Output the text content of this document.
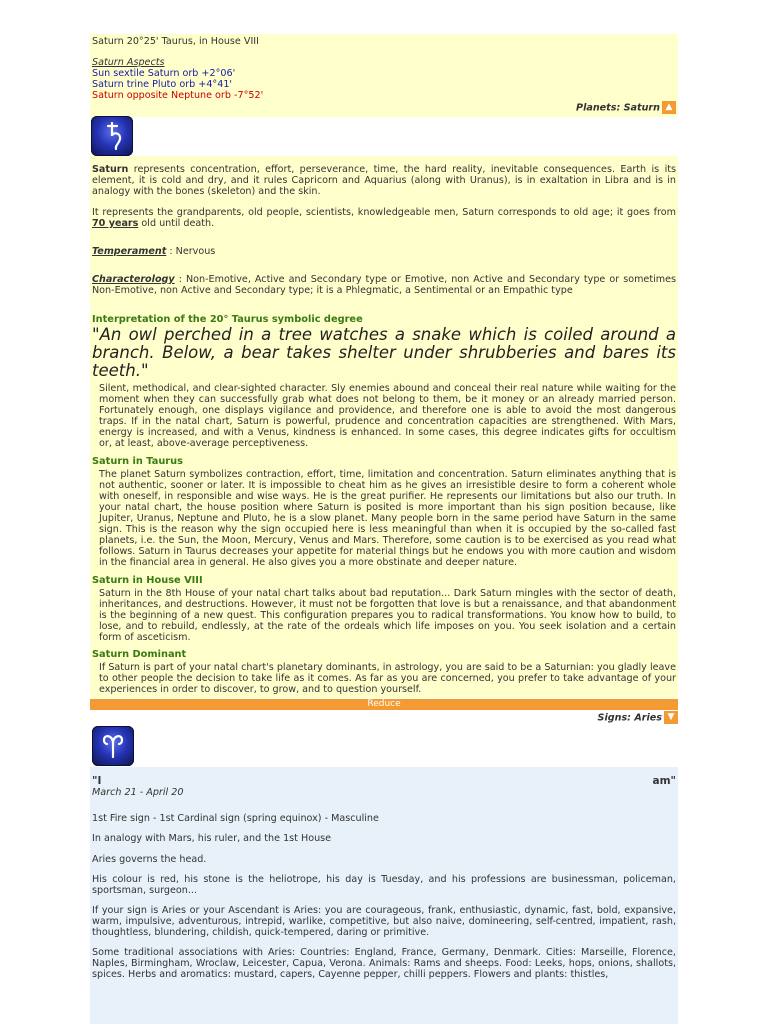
Saturn 20°25' Taurus, in House VIII

Saturn Aspects

Sun sextile Saturn orb +2°06'

Saturn trine Pluto orb +4°41'

Saturn opposite Neptune orb -7°52'

Planets: Saturn ▲

Saturn represents concentration, effort, perseverance, time, the hard reality, inevitable consequences. Earth is its element, it is cold and dry, and it rules Capricorn and Aquarius (along with Uranus), is in exaltation in Libra and is in analogy with the bones (skeleton) and the skin.

It represents the grandparents, old people, scientists, knowledgeable men, Saturn corresponds to old age; it goes from 70 years old until death.

Temperament : Nervous

Characterology : Non-Emotive, Active and Secondary type or Emotive, non Active and Secondary type or sometimes Non-Emotive, non Active and Secondary type; it is a Phlegmatic, a Sentimental or an Empathic type

Interpretation of the 20° Taurus symbolic degree

"An owl perched in a tree watches a snake which is coiled around a branch. Below, a bear takes shelter under shrubberies and bares its teeth."

Silent, methodical, and clear-sighted character. Sly enemies abound and conceal their real nature while waiting for the moment when they can successfully grab what does not belong to them, be it money or an already married person. Fortunately enough, one displays vigilance and providence, and therefore one is able to avoid the most dangerous traps. If in the natal chart, Saturn is powerful, prudence and concentration capacities are strengthened. With Mars, energy is increased, and with a Venus, kindness is enhanced. In some cases, this degree indicates gifts for occultism or, at least, above-average perceptiveness.

Saturn in Taurus

The planet Saturn symbolizes contraction, effort, time, limitation and concentration. Saturn eliminates anything that is not authentic, sooner or later. It is impossible to cheat him as he gives an irresistible desire to form a coherent whole with oneself, in responsible and wise ways. He is the great purifier. He represents our limitations but also our truth. In your natal chart, the house position where Saturn is posited is more important than his sign position because, like Jupiter, Uranus, Neptune and Pluto, he is a slow planet. Many people born in the same period have Saturn in the same sign. This is the reason why the sign occupied here is less meaningful than when it is occupied by the so-called fast planets, i.e. the Sun, the Moon, Mercury, Venus and Mars. Therefore, some caution is to be exercised as you read what follows. Saturn in Taurus decreases your appetite for material things but he endows you with more caution and wisdom in the financial area in general. He also gives you a more obstinate and deeper nature.

Saturn in House VIII

Saturn in the 8th House of your natal chart talks about bad reputation... Dark Saturn mingles with the sector of death, inheritances, and destructions. However, it must not be forgotten that love is but a renaissance, and that abandonment is the beginning of a new quest. This configuration prepares you to radical transformations. You know how to build, to lose, and to rebuild, endlessly, at the rate of the ordeals which life imposes on you. You seek isolation and a certain form of asceticism.

Saturn Dominant

If Saturn is part of your natal chart's planetary dominants, in astrology, you are said to be a Saturnian: you gladly leave to other people the decision to take life as it comes. As far as you are concerned, you prefer to take advantage of your experiences in order to discover, to grow, and to question yourself.

Reduce
Signs: Aries ▼

"I	am"

March 21 - April 20

1st Fire sign - 1st Cardinal sign (spring equinox) - Masculine

In analogy with Mars, his ruler, and the 1st House

Aries governs the head.

His colour is red, his stone is the heliotrope, his day is Tuesday, and his professions are businessman, policeman, sportsman, surgeon...

If your sign is Aries or your Ascendant is Aries: you are courageous, frank, enthusiastic, dynamic, fast, bold, expansive, warm, impulsive, adventurous, intrepid, warlike, competitive, but also naive, domineering, self-centred, impatient, rash, thoughtless, blundering, childish, quick-tempered, daring or primitive.

Some traditional associations with Aries: Countries: England, France, Germany, Denmark. Cities: Marseille, Florence, Naples, Birmingham, Wroclaw, Leicester, Capua, Verona. Animals: Rams and sheeps. Food: Leeks, hops, onions, shallots, spices. Herbs and aromatics: mustard, capers, Cayenne pepper, chilli peppers. Flowers and plants: thistles,
